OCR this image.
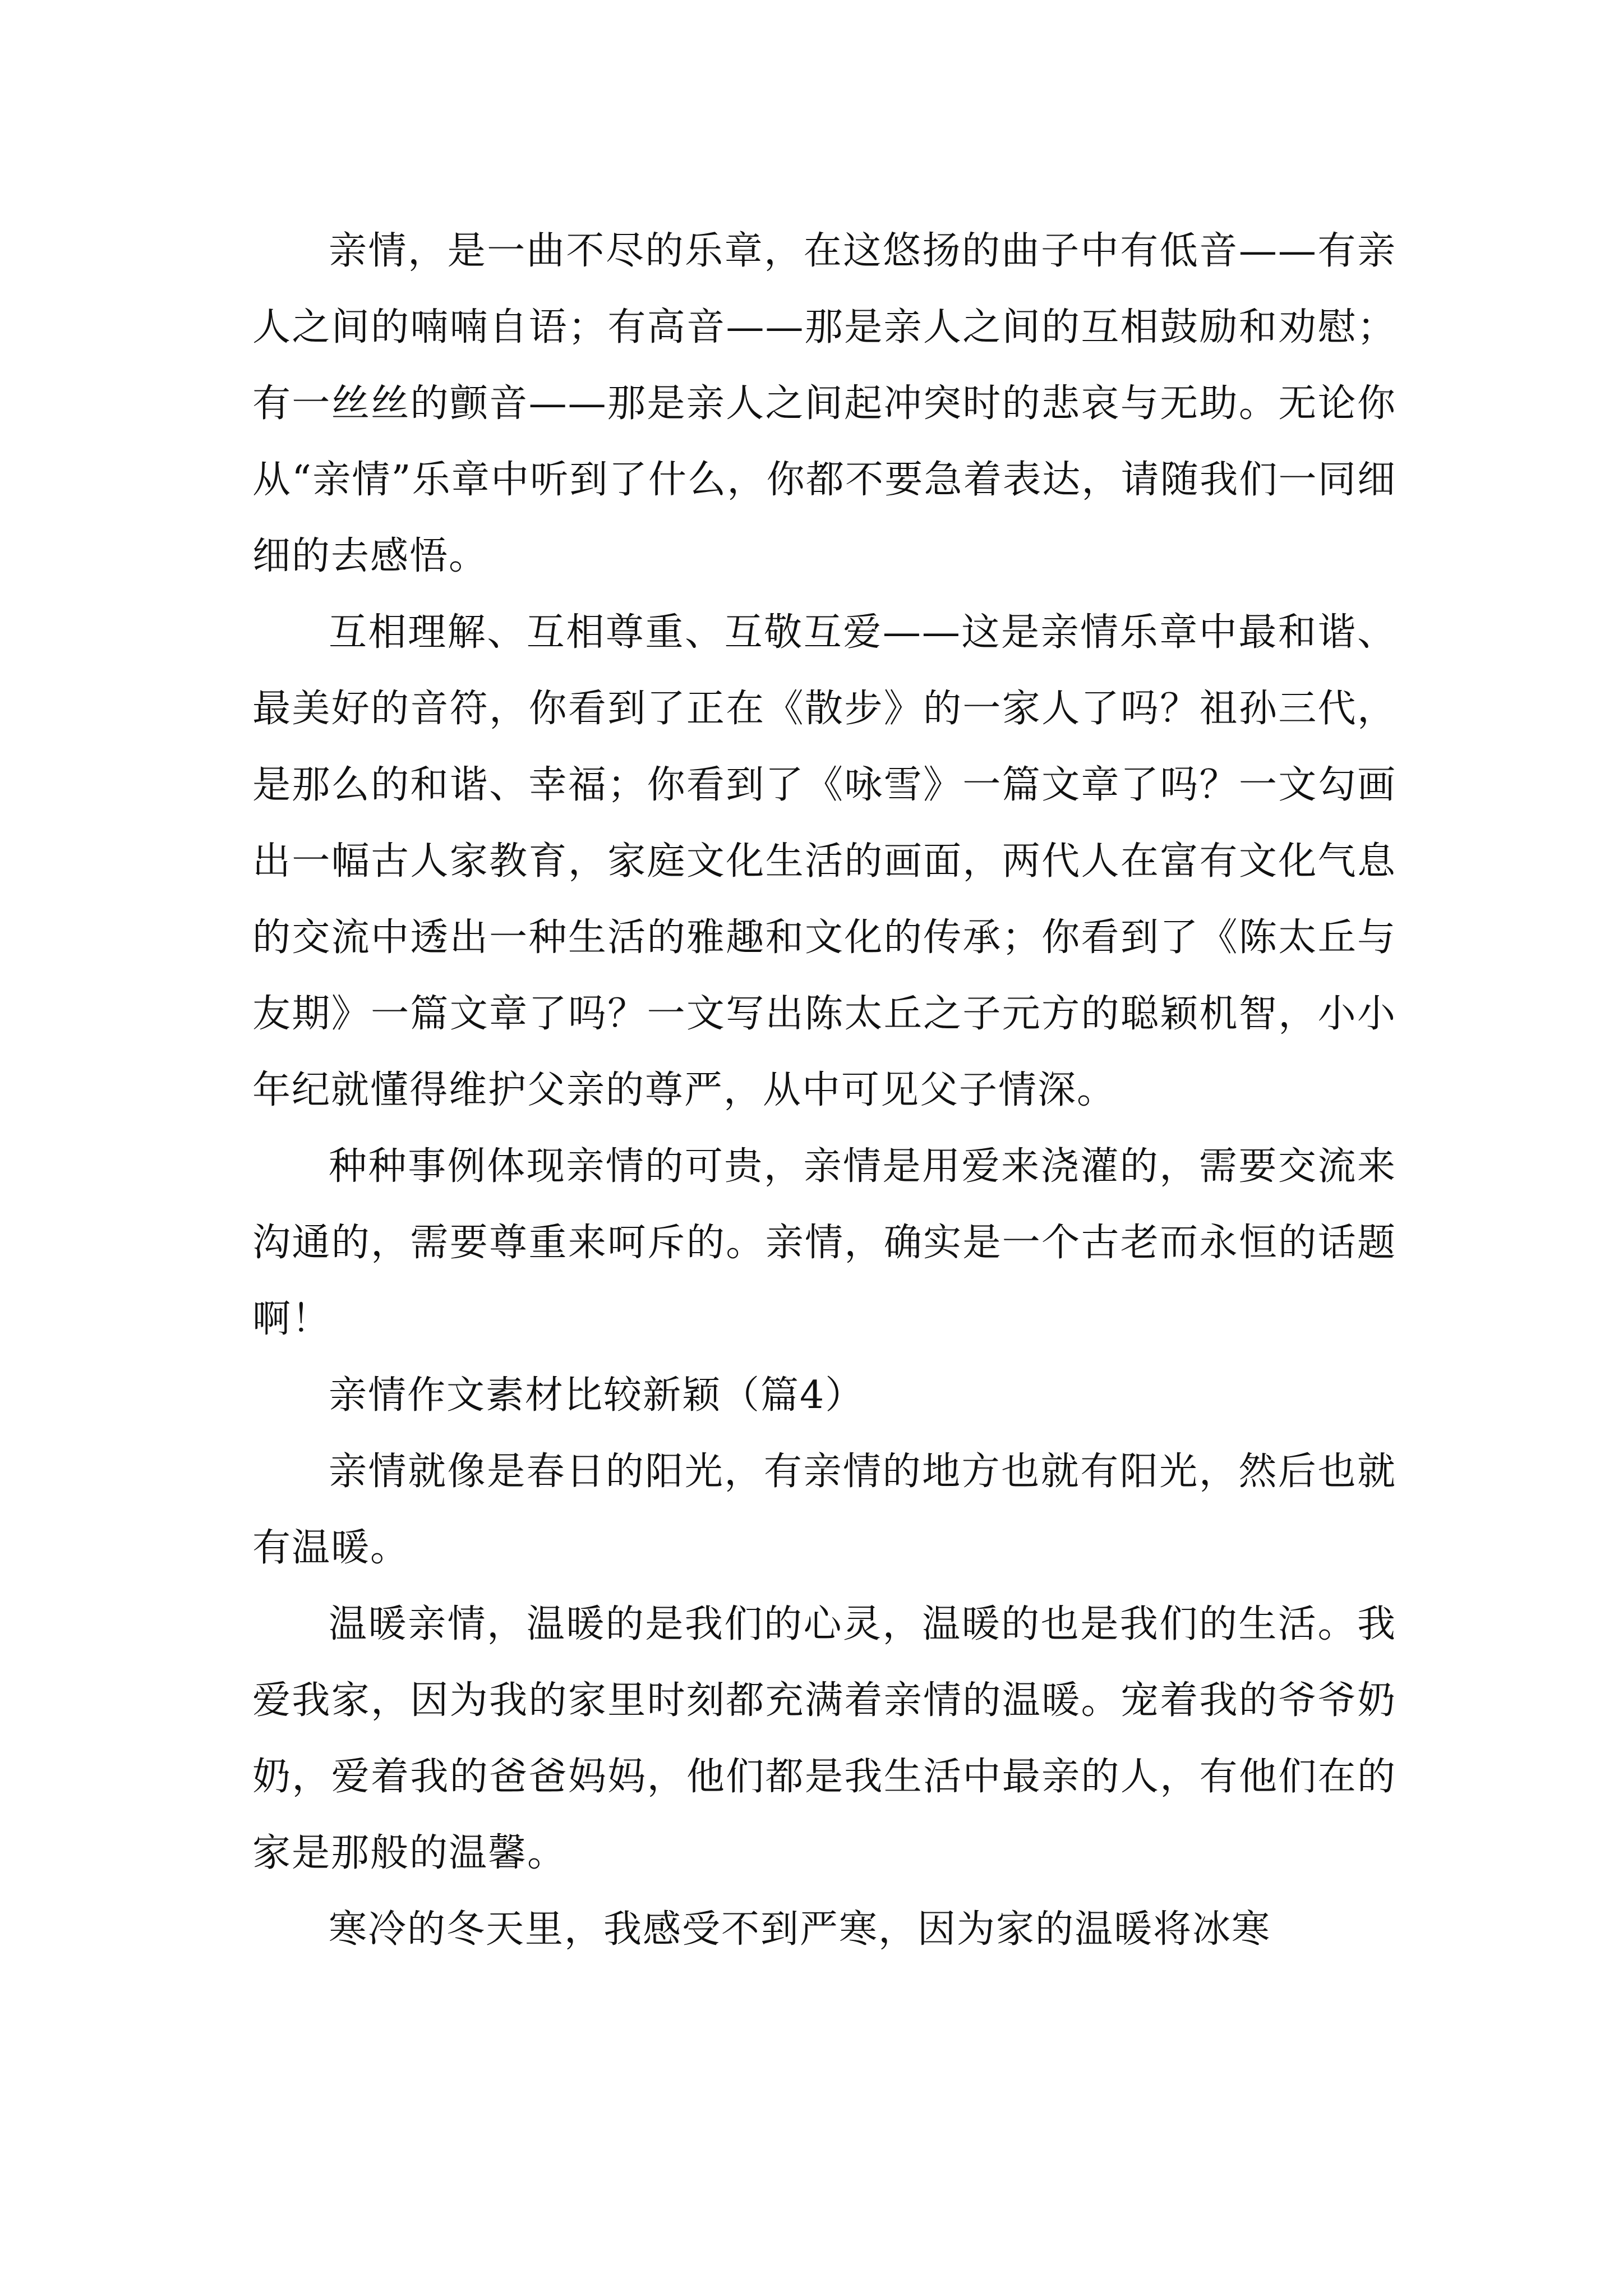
亲情，是一曲不尽的乐章，在这悠扬的曲子中有低音——有亲人之间的喃喃自语；有高音——那是亲人之间的互相鼓励和劝慰；有一丝丝的颤音——那是亲人之间起冲突时的悲哀与无助。无论你从“亲情”乐章中听到了什么，你都不要急着表达，请随我们一同细细的去感悟。

互相理解、互相尊重、互敬互爱——这是亲情乐章中最和谐、最美好的音符，你看到了正在《散步》的一家人了吗？祖孙三代，是那么的和谐、幸福；你看到了《咏雪》一篇文章了吗？一文勾画出一幅古人家教育，家庭文化生活的画面，两代人在富有文化气息的交流中透出一种生活的雅趣和文化的传承；你看到了《陈太丘与友期》一篇文章了吗？一文写出陈太丘之子元方的聪颖机智，小小年纪就懂得维护父亲的尊严，从中可见父子情深。

种种事例体现亲情的可贵，亲情是用爱来浇灌的，需要交流来沟通的，需要尊重来呵斥的。亲情，确实是一个古老而永恒的话题啊！

亲情作文素材比较新颖（篇4）

亲情就像是春日的阳光，有亲情的地方也就有阳光，然后也就有温暖。

温暖亲情，温暖的是我们的心灵，温暖的也是我们的生活。我爱我家，因为我的家里时刻都充满着亲情的温暖。宠着我的爷爷奶奶，爱着我的爸爸妈妈，他们都是我生活中最亲的人，有他们在的家是那般的温馨。

寒冷的冬天里，我感受不到严寒，因为家的温暖将冰寒
